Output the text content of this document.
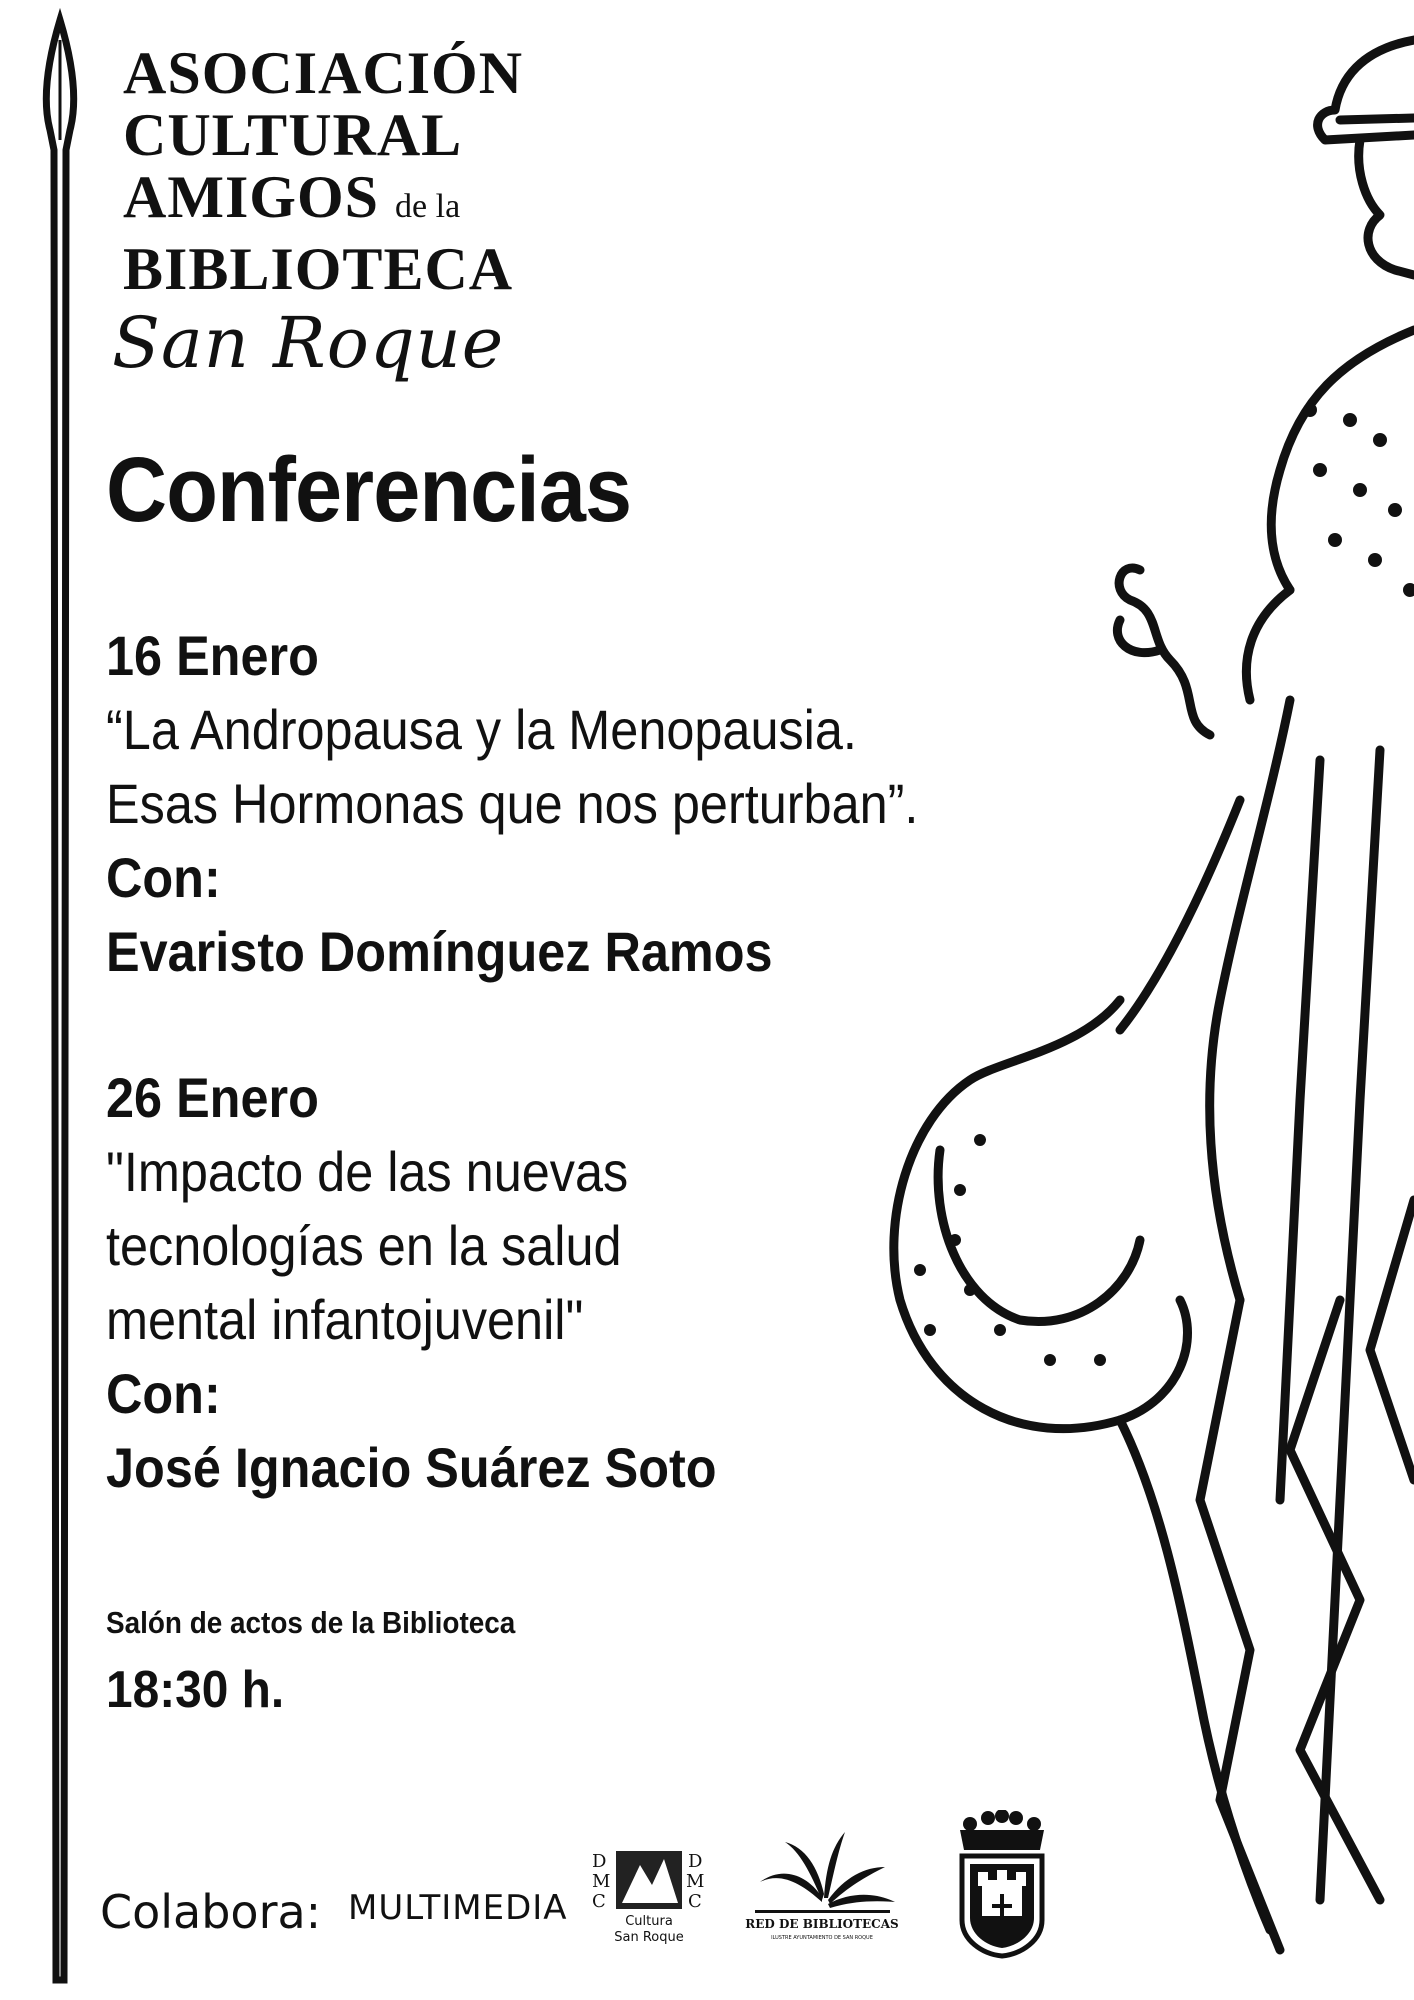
ASOCIACIÓN
CULTURAL
AMIGOS de la
BIBLIOTECA
San Roque
Conferencias
16 Enero
“La Andropausa y la Menopausia.
Esas Hormonas que nos perturban”.
Con:
Evaristo Domínguez Ramos
26 Enero
"Impacto de las nuevas
tecnologías en la salud
mental infantojuvenil"
Con:
José Ignacio Suárez Soto
Salón de actos de la Biblioteca
18:30 h.
Colabora: MULTIMEDIA
D
M
C
D
M
C
Cultura
San Roque
RED DE BIBLIOTECAS
ILUSTRE AYUNTAMIENTO DE SAN ROQUE
